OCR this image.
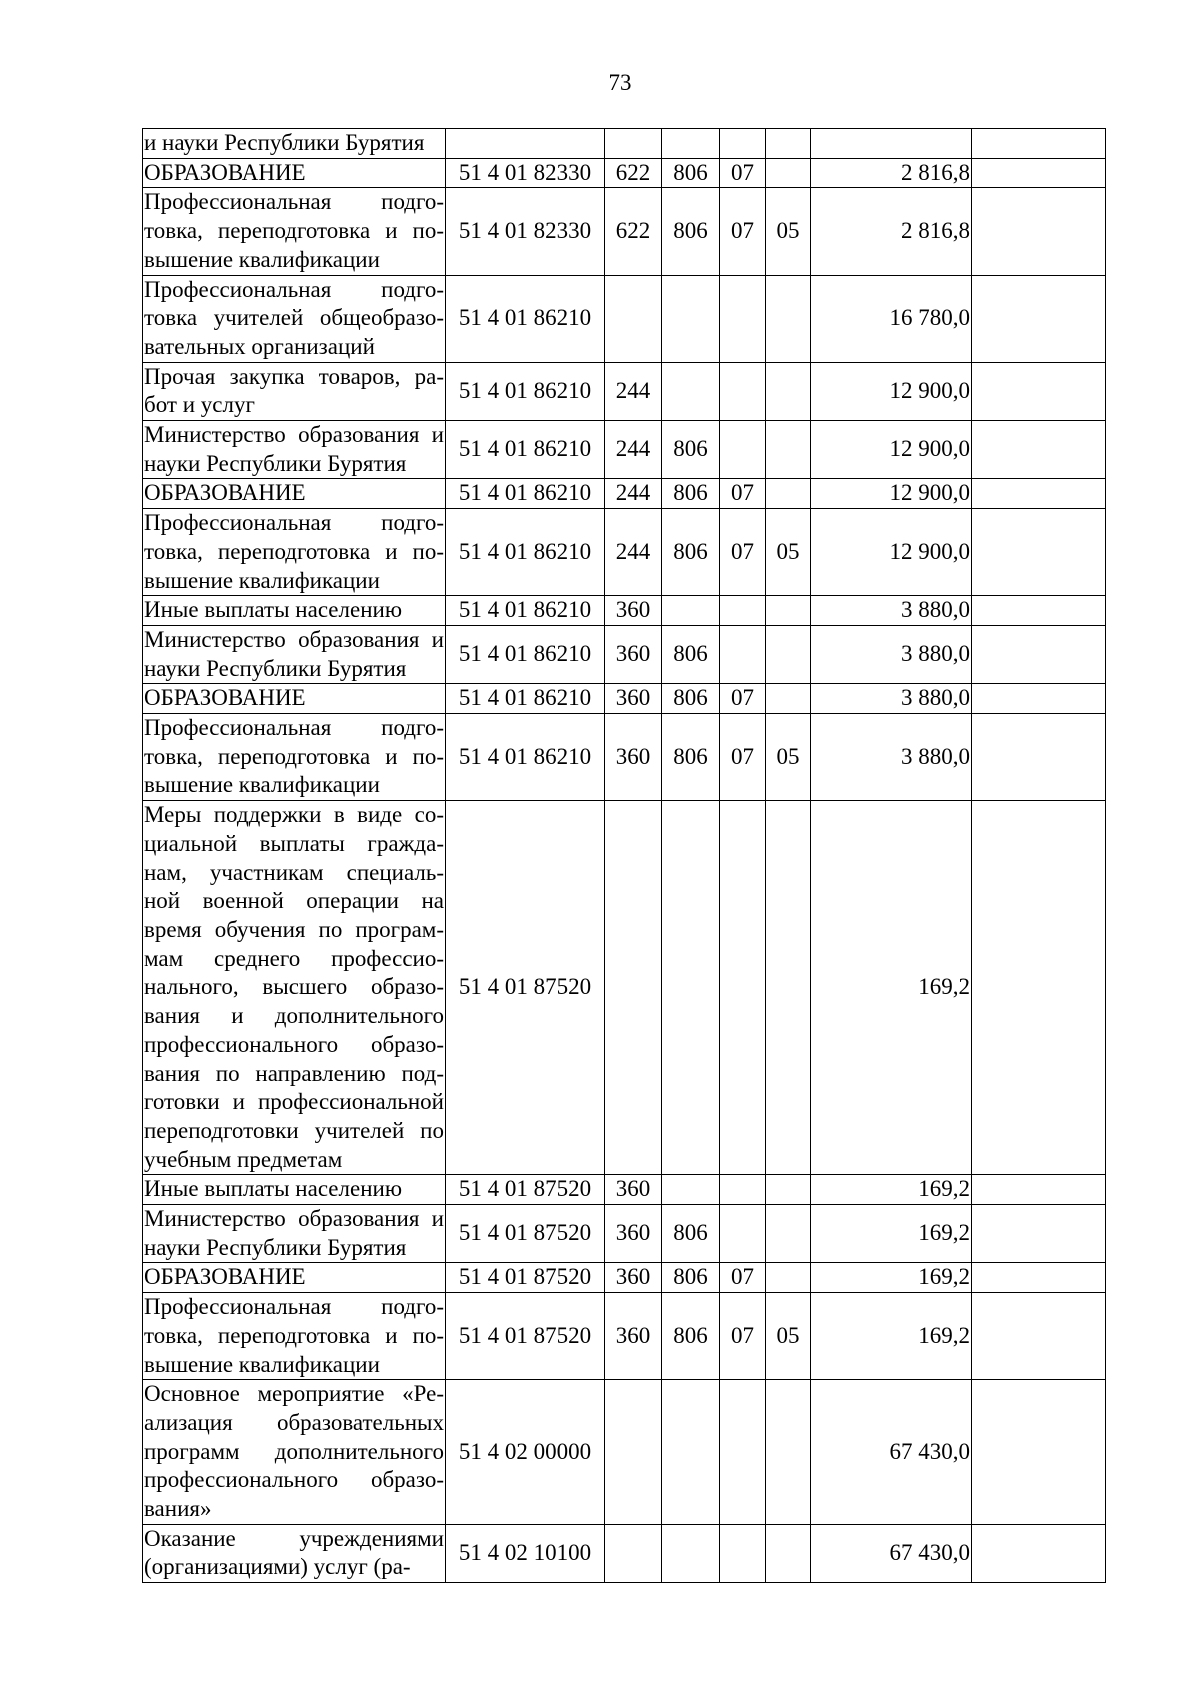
73
и науки Республики Бурятия							
ОБРАЗОВАНИЕ	51 4 01 82330	622	806	07		2 816,8	
Профессиональная подго-товка, переподготовка и по-вышение квалификации	51 4 01 82330	622	806	07	05	2 816,8	
Профессиональная подго-товка учителей общеобразо-вательных организаций	51 4 01 86210					16 780,0	
Прочая закупка товаров, ра-бот и услуг	51 4 01 86210	244				12 900,0	
Министерство образования и науки Республики Бурятия	51 4 01 86210	244	806			12 900,0	
ОБРАЗОВАНИЕ	51 4 01 86210	244	806	07		12 900,0	
Профессиональная подго-товка, переподготовка и по-вышение квалификации	51 4 01 86210	244	806	07	05	12 900,0	
Иные выплаты населению	51 4 01 86210	360				3 880,0	
Министерство образования и науки Республики Бурятия	51 4 01 86210	360	806			3 880,0	
ОБРАЗОВАНИЕ	51 4 01 86210	360	806	07		3 880,0	
Профессиональная подго-товка, переподготовка и по-вышение квалификации	51 4 01 86210	360	806	07	05	3 880,0	
Меры поддержки в виде со-циальной выплаты гражда-нам, участникам специаль-ной военной операции на время обучения по програм-мам среднего профессио-нального, высшего образо-вания и дополнительного профессионального образо-вания по направлению под-готовки и профессиональной переподготовки учителей по учебным предметам	51 4 01 87520					169,2	
Иные выплаты населению	51 4 01 87520	360				169,2	
Министерство образования и науки Республики Бурятия	51 4 01 87520	360	806			169,2	
ОБРАЗОВАНИЕ	51 4 01 87520	360	806	07		169,2	
Профессиональная подго-товка, переподготовка и по-вышение квалификации	51 4 01 87520	360	806	07	05	169,2	
Основное мероприятие «Ре-ализация образовательных программ дополнительного профессионального образо-вания»	51 4 02 00000					67 430,0	
Оказание учреждениями (организациями) услуг (ра-	51 4 02 10100					67 430,0	
